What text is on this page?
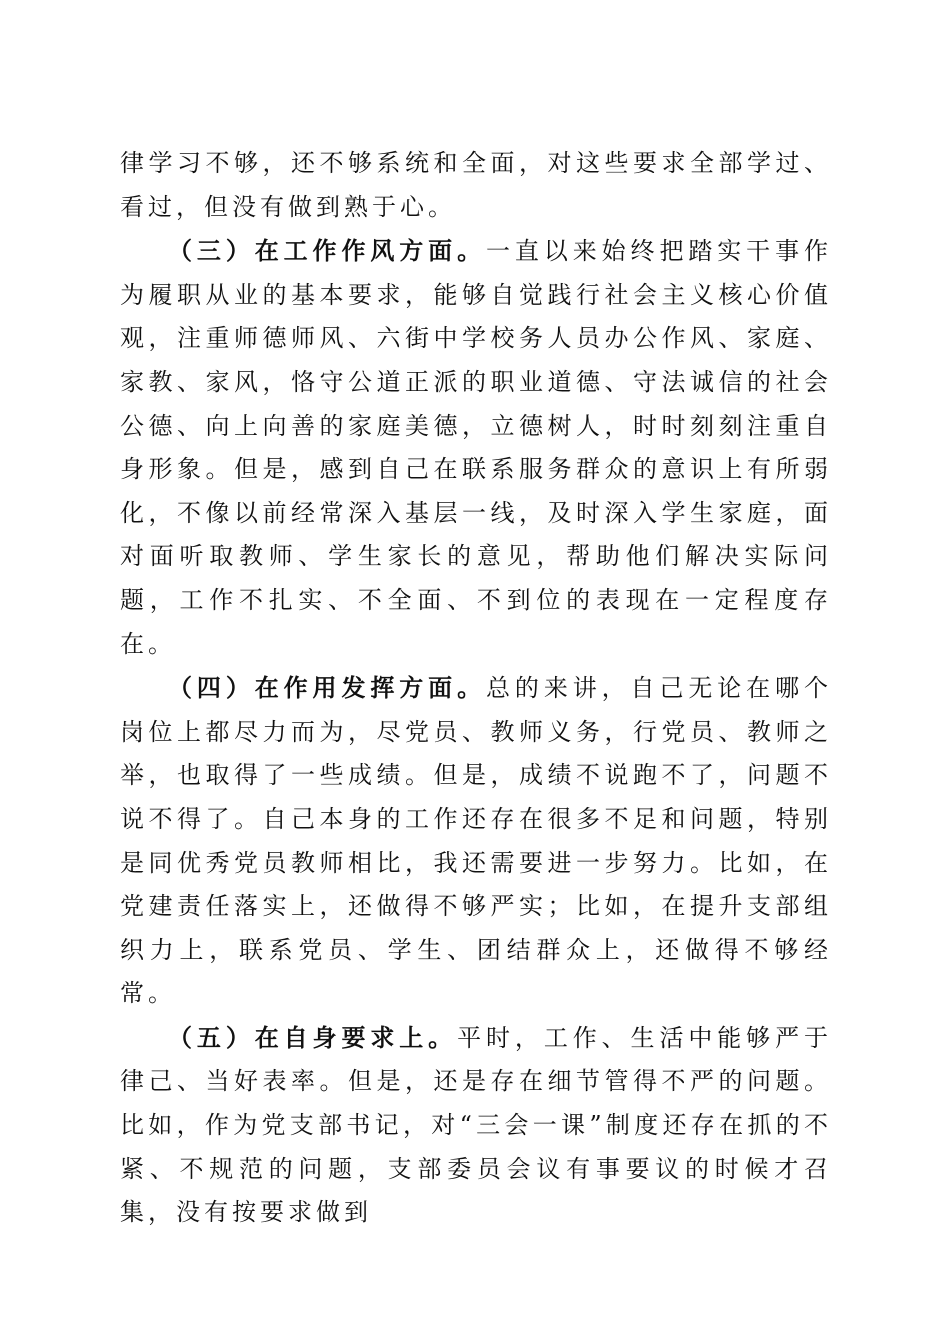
律学习不够，还不够系统和全面，对这些要求全部学过、看过，但没有做到熟于心。

（三）在工作作风方面。一直以来始终把踏实干事作为履职从业的基本要求，能够自觉践行社会主义核心价值观，注重师德师风、六街中学校务人员办公作风、家庭、家教、家风，恪守公道正派的职业道德、守法诚信的社会公德、向上向善的家庭美德，立德树人，时时刻刻注重自身形象。但是，感到自己在联系服务群众的意识上有所弱化，不像以前经常深入基层一线，及时深入学生家庭，面对面听取教师、学生家长的意见，帮助他们解决实际问题，工作不扎实、不全面、不到位的表现在一定程度存在。

（四）在作用发挥方面。总的来讲，自己无论在哪个岗位上都尽力而为，尽党员、教师义务，行党员、教师之举，也取得了一些成绩。但是，成绩不说跑不了，问题不说不得了。自己本身的工作还存在很多不足和问题，特别是同优秀党员教师相比，我还需要进一步努力。比如，在党建责任落实上，还做得不够严实；比如，在提升支部组织力上，联系党员、学生、团结群众上，还做得不够经常。

（五）在自身要求上。平时，工作、生活中能够严于律己、当好表率。但是，还是存在细节管得不严的问题。比如，作为党支部书记，对“三会一课”制度还存在抓的不紧、不规范的问题，支部委员会议有事要议的时候才召集，没有按要求做到
